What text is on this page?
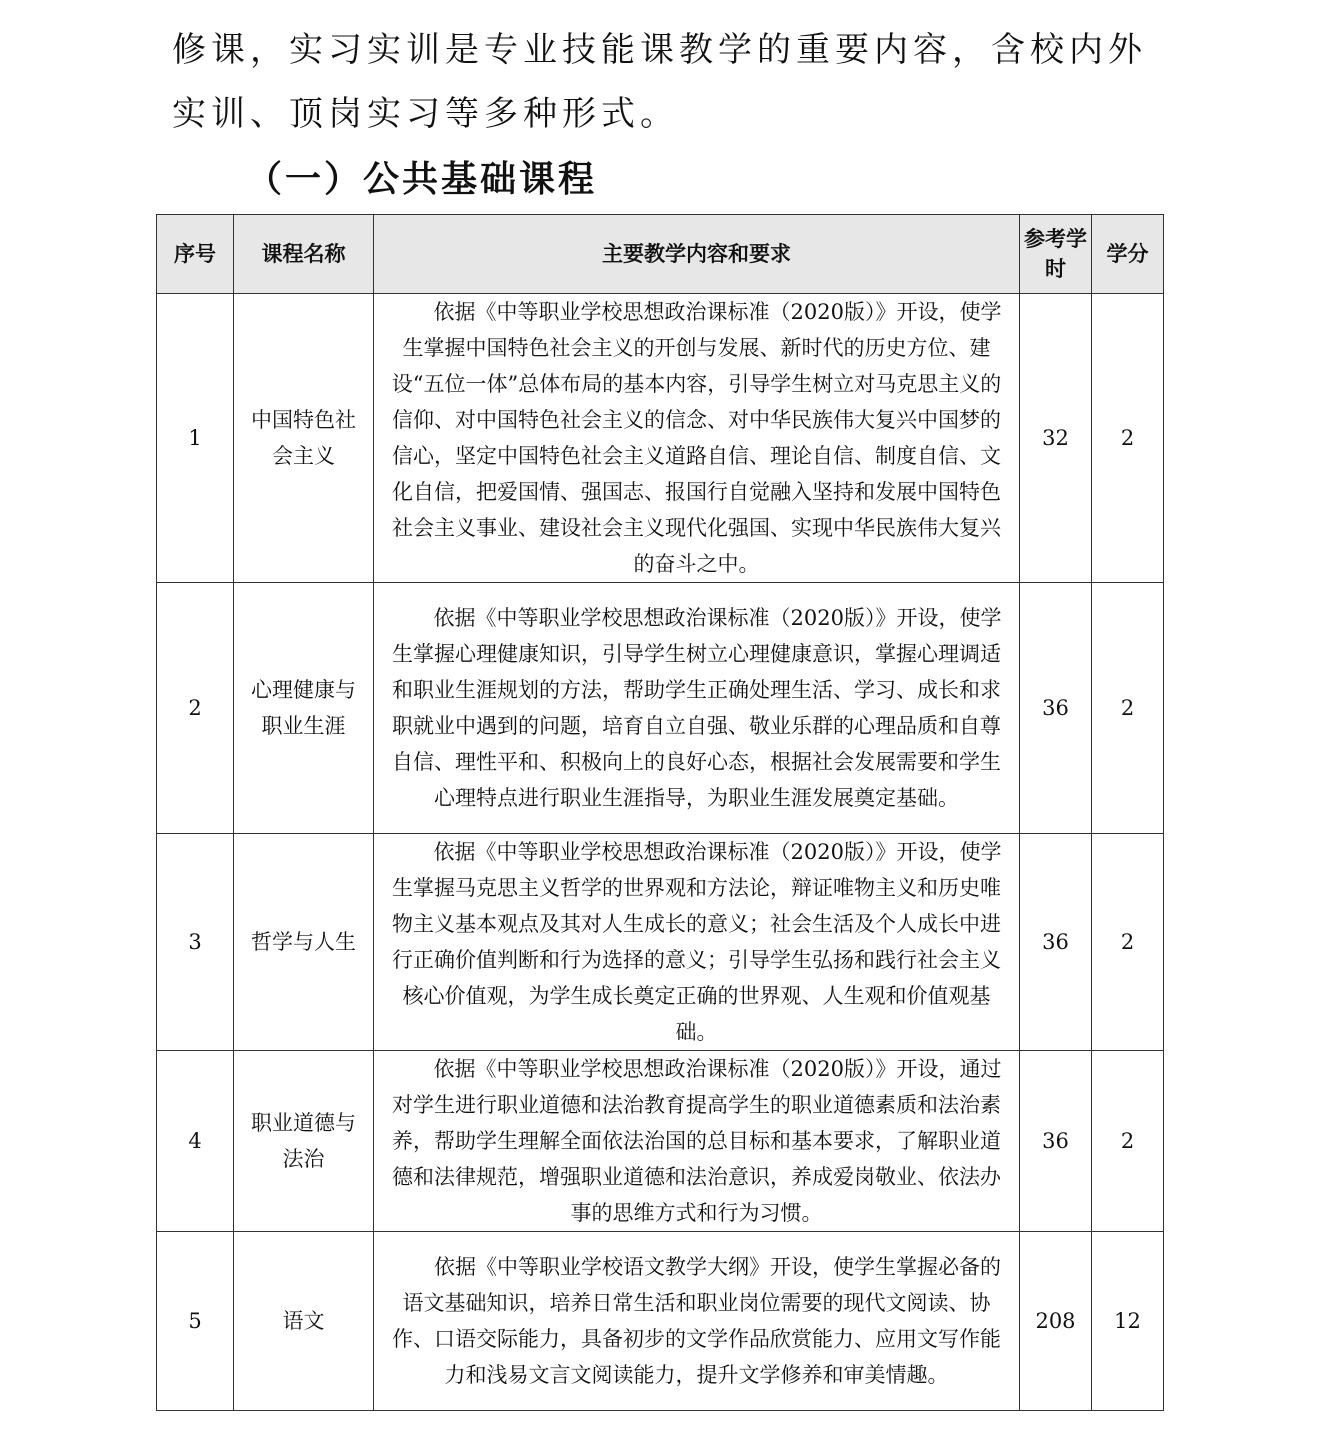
修课，实习实训是专业技能课教学的重要内容，含校内外实训、顶岗实习等多种形式。

（一）公共基础课程
序号	课程名称	主要教学内容和要求	参考学时	学分
1	中国特色社会主义	依据《中等职业学校思想政治课标准（2020版）》开设，使学生掌握中国特色社会主义的开创与发展、新时代的历史方位、建设“五位一体”总体布局的基本内容，引导学生树立对马克思主义的信仰、对中国特色社会主义的信念、对中华民族伟大复兴中国梦的信心，坚定中国特色社会主义道路自信、理论自信、制度自信、文化自信，把爱国情、强国志、报国行自觉融入坚持和发展中国特色社会主义事业、建设社会主义现代化强国、实现中华民族伟大复兴的奋斗之中。	32	2
2	心理健康与职业生涯	依据《中等职业学校思想政治课标准（2020版）》开设，使学生掌握心理健康知识，引导学生树立心理健康意识，掌握心理调适和职业生涯规划的方法，帮助学生正确处理生活、学习、成长和求职就业中遇到的问题，培育自立自强、敬业乐群的心理品质和自尊自信、理性平和、积极向上的良好心态，根据社会发展需要和学生心理特点进行职业生涯指导，为职业生涯发展奠定基础。	36	2
3	哲学与人生	依据《中等职业学校思想政治课标准（2020版）》开设，使学生掌握马克思主义哲学的世界观和方法论，辩证唯物主义和历史唯物主义基本观点及其对人生成长的意义；社会生活及个人成长中进行正确价值判断和行为选择的意义；引导学生弘扬和践行社会主义核心价值观，为学生成长奠定正确的世界观、人生观和价值观基础。	36	2
4	职业道德与法治	依据《中等职业学校思想政治课标准（2020版）》开设，通过对学生进行职业道德和法治教育提高学生的职业道德素质和法治素养，帮助学生理解全面依法治国的总目标和基本要求，了解职业道德和法律规范，增强职业道德和法治意识，养成爱岗敬业、依法办事的思维方式和行为习惯。	36	2
5	语文	依据《中等职业学校语文教学大纲》开设，使学生掌握必备的语文基础知识，培养日常生活和职业岗位需要的现代文阅读、协作、口语交际能力，具备初步的文学作品欣赏能力、应用文写作能力和浅易文言文阅读能力，提升文学修养和审美情趣。	208	12
